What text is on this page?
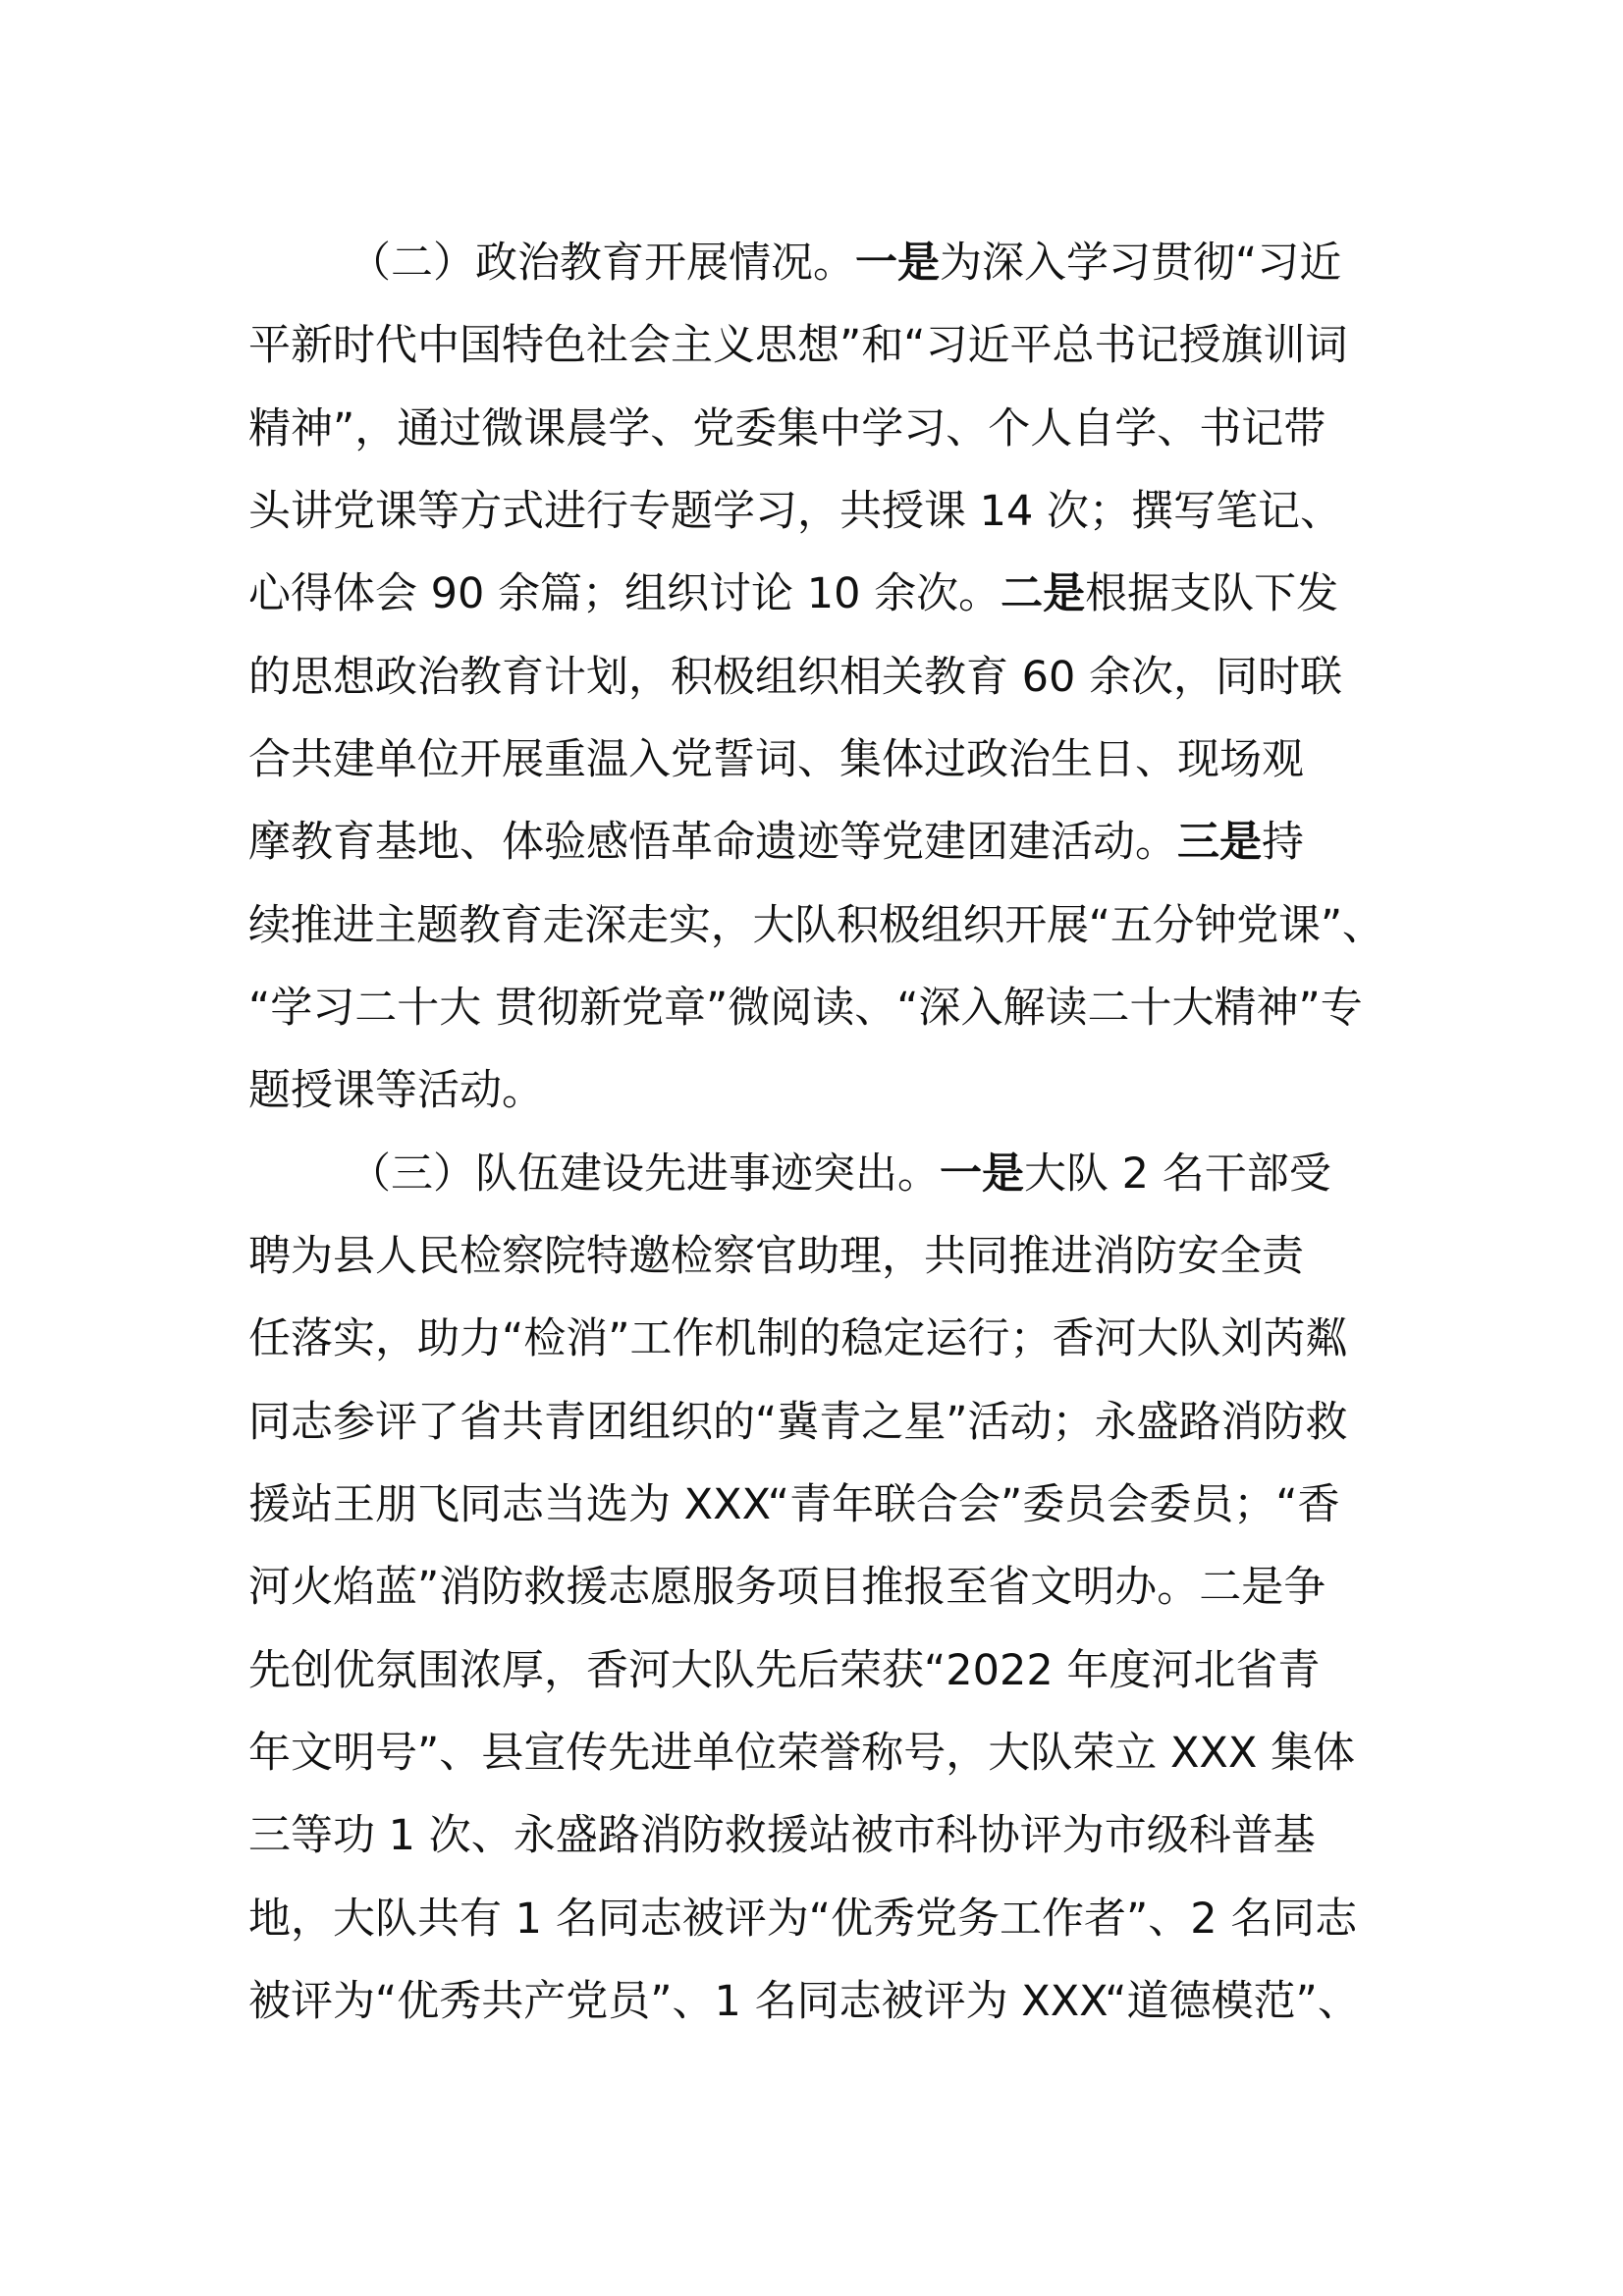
（二）政治教育开展情况。一是为深入学习贯彻“习近
平新时代中国特色社会主义思想”和“习近平总书记授旗训词
精神”，通过微课晨学、党委集中学习、个人自学、书记带
头讲党课等方式进行专题学习，共授课 14 次；撰写笔记、
心得体会 90 余篇；组织讨论 10 余次。二是根据支队下发
的思想政治教育计划，积极组织相关教育 60 余次，同时联
合共建单位开展重温入党誓词、集体过政治生日、现场观
摩教育基地、体验感悟革命遗迹等党建团建活动。三是持
续推进主题教育走深走实，大队积极组织开展“五分钟党课”、
“学习二十大 贯彻新党章”微阅读、“深入解读二十大精神”专
题授课等活动。
（三）队伍建设先进事迹突出。一是大队 2 名干部受
聘为县人民检察院特邀检察官助理，共同推进消防安全责
任落实，助力“检消”工作机制的稳定运行；香河大队刘芮粼
同志参评了省共青团组织的“冀青之星”活动；永盛路消防救
援站王朋飞同志当选为 XXX“青年联合会”委员会委员；“香
河火焰蓝”消防救援志愿服务项目推报至省文明办。二是争
先创优氛围浓厚，香河大队先后荣获“2022 年度河北省青
年文明号”、县宣传先进单位荣誉称号，大队荣立 XXX 集体
三等功 1 次、永盛路消防救援站被市科协评为市级科普基
地，大队共有 1 名同志被评为“优秀党务工作者”、2 名同志
被评为“优秀共产党员”、1 名同志被评为 XXX“道德模范”、
